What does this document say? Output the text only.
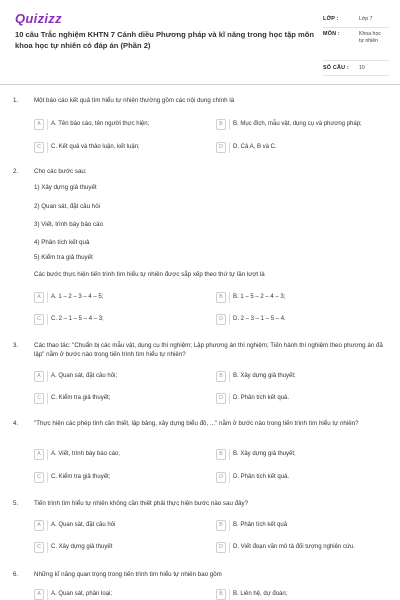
Quizizz
10 câu Trắc nghiệm KHTN 7 Cánh diều Phương pháp và kĩ năng trong học tập môn khoa học tự nhiên có đáp án (Phần 2)
LỚP :	Lớp 7
MÔN :	Khoa học tự nhiên
SỐ CÂU : 10
1.	Một báo cáo kết quả tìm hiểu tự nhiên thường gồm các nội dung chính là
A	A. Tên báo cáo, tên người thực hiện;	B	B. Mục đích, mẫu vật, dụng cụ và phương pháp;
C	C. Kết quả và thảo luận, kết luận;	D	D. Cả A, B và C.
2.	Cho các bước sau:
1) Xây dựng giả thuyết
2) Quan sát, đặt câu hỏi
3) Viết, trình bày báo cáo
4) Phân tích kết quả
5) Kiểm tra giả thuyết
Các bước thực hiện tiến trình tìm hiểu tự nhiên được sắp xếp theo thứ tự lần lượt là
A	A. 1 – 2 – 3 – 4 – 5;	B	B. 1 – 5 – 2 – 4 – 3;
C	C. 2 – 1 – 5 – 4 – 3;	D	D. 2 – 3 – 1 – 5 – 4.
3.	Các thao tác: "Chuẩn bị các mẫu vật, dụng cụ thí nghiệm; Lập phương án thí nghiệm; Tiến hành thí nghiệm theo phương án đã lập" nằm ở bước nào trong tiến trình tìm hiểu tự nhiên?
A	A. Quan sát, đặt câu hỏi;	B	B. Xây dựng giả thuyết;
C	C. Kiểm tra giả thuyết;	D	D. Phân tích kết quả.
4.	"Thực hiện các phép tính cần thiết, lập bảng, xây dựng biểu đồ, ..." nằm ở bước nào trong tiến trình tìm hiểu tự nhiên?
A	A. Viết, trình bày báo cáo;	B	B. Xây dựng giả thuyết;
C	C. Kiểm tra giả thuyết;	D	D. Phân tích kết quả.
5.	Tiến trình tìm hiểu tự nhiên không cần thiết phải thực hiện bước nào sau đây?
A	A. Quan sát, đặt câu hỏi	B	B. Phân tích kết quả
C	C. Xây dựng giả thuyết	D	D. Viết đoạn văn mô tả đối tượng nghiên cứu.
6.	Những kĩ năng quan trọng trong tiến trình tìm hiểu tự nhiên bao gồm
A	A. Quan sát, phân loại;	B	B. Liên hệ, dự đoán;
